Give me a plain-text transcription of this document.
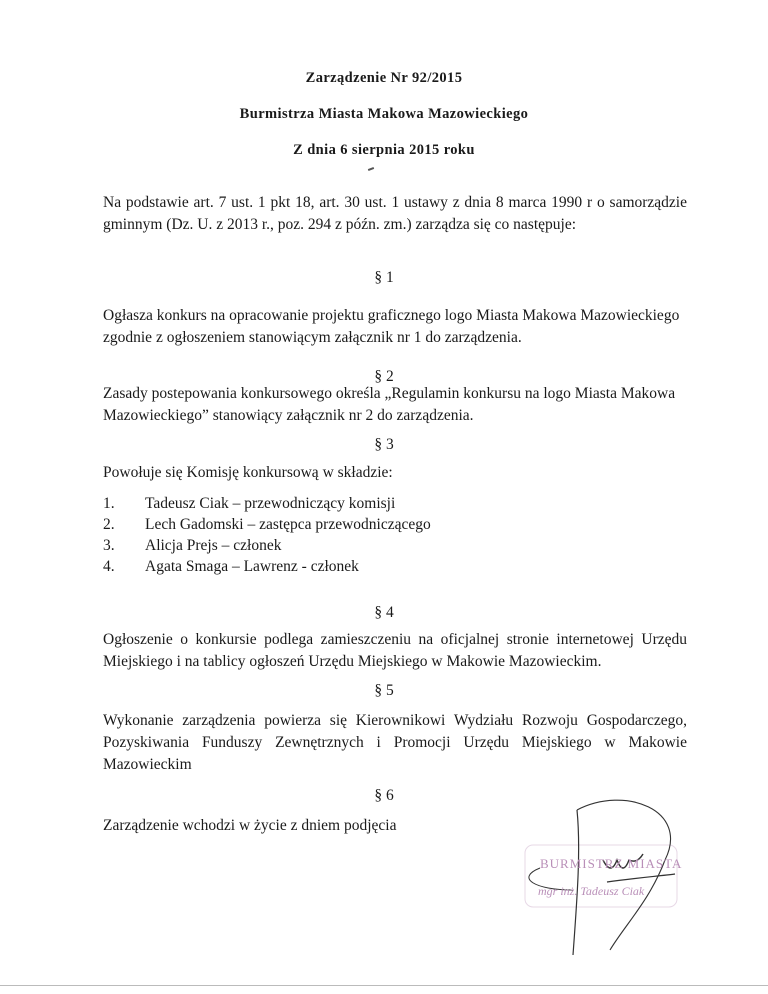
Zarządzenie Nr 92/2015
Burmistrza Miasta Makowa Mazowieckiego
Z dnia 6 sierpnia 2015 roku
Na podstawie art. 7 ust. 1 pkt 18, art. 30 ust. 1 ustawy z dnia 8 marca 1990 r o samorządzie gminnym (Dz. U. z 2013 r., poz. 294 z późn. zm.) zarządza się co następuje:
§ 1
Ogłasza konkurs na opracowanie projektu graficznego logo Miasta Makowa Mazowieckiego zgodnie z ogłoszeniem stanowiącym załącznik nr 1 do zarządzenia.
§ 2
Zasady postepowania konkursowego określa „Regulamin konkursu na logo Miasta Makowa Mazowieckiego” stanowiący załącznik nr 2 do zarządzenia.
§ 3
Powołuje się Komisję konkursową w składzie:
1.	Tadeusz Ciak – przewodniczący komisji
2.	Lech Gadomski – zastępca przewodniczącego
3.	Alicja Prejs – członek
4.	Agata Smaga – Lawrenz - członek
§ 4
Ogłoszenie o konkursie podlega zamieszczeniu na oficjalnej stronie internetowej Urzędu Miejskiego i na tablicy ogłoszeń Urzędu Miejskiego w Makowie Mazowieckim.
§ 5
Wykonanie zarządzenia powierza się Kierownikowi Wydziału Rozwoju Gospodarczego, Pozyskiwania Funduszy Zewnętrznych i Promocji Urzędu Miejskiego w Makowie Mazowieckim
§ 6
Zarządzenie wchodzi w życie z dniem podjęcia
BURMISTRZ MIASTA
mgr inż. Tadeusz Ciak
